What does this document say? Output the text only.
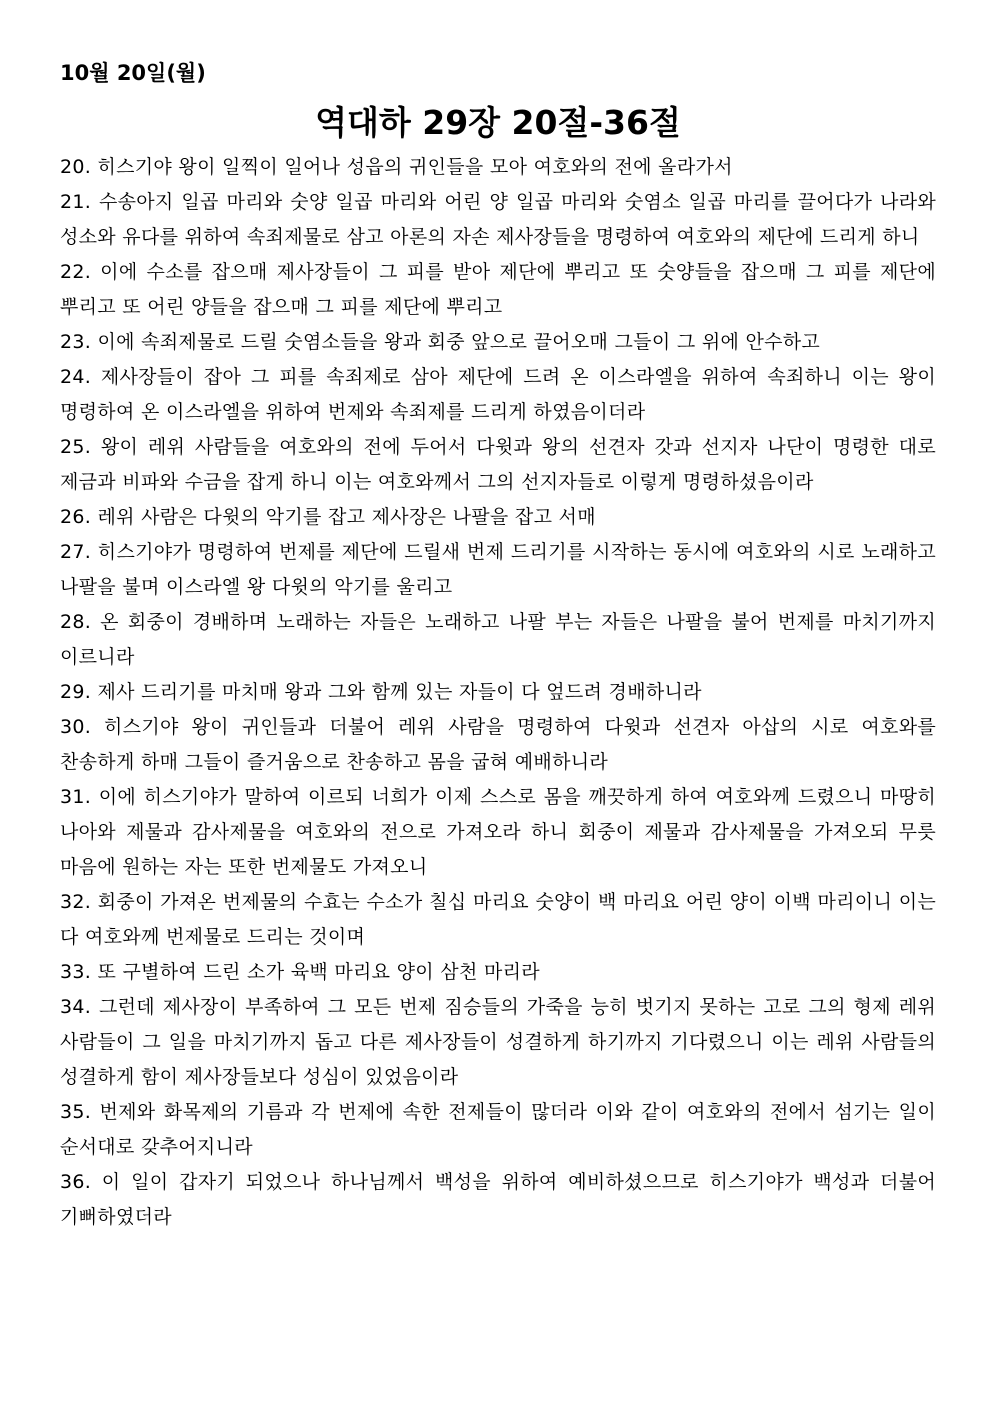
10월 20일(월)
역대하 29장 20절-36절

20. 히스기야 왕이 일찍이 일어나 성읍의 귀인들을 모아 여호와의 전에 올라가서

21. 수송아지 일곱 마리와 숫양 일곱 마리와 어린 양 일곱 마리와 숫염소 일곱 마리를 끌어다가 나라와 성소와 유다를 위하여 속죄제물로 삼고 아론의 자손 제사장들을 명령하여 여호와의 제단에 드리게 하니

22. 이에 수소를 잡으매 제사장들이 그 피를 받아 제단에 뿌리고 또 숫양들을 잡으매 그 피를 제단에 뿌리고 또 어린 양들을 잡으매 그 피를 제단에 뿌리고

23. 이에 속죄제물로 드릴 숫염소들을 왕과 회중 앞으로 끌어오매 그들이 그 위에 안수하고

24. 제사장들이 잡아 그 피를 속죄제로 삼아 제단에 드려 온 이스라엘을 위하여 속죄하니 이는 왕이 명령하여 온 이스라엘을 위하여 번제와 속죄제를 드리게 하였음이더라

25. 왕이 레위 사람들을 여호와의 전에 두어서 다윗과 왕의 선견자 갓과 선지자 나단이 명령한 대로 제금과 비파와 수금을 잡게 하니 이는 여호와께서 그의 선지자들로 이렇게 명령하셨음이라

26. 레위 사람은 다윗의 악기를 잡고 제사장은 나팔을 잡고 서매

27. 히스기야가 명령하여 번제를 제단에 드릴새 번제 드리기를 시작하는 동시에 여호와의 시로 노래하고 나팔을 불며 이스라엘 왕 다윗의 악기를 울리고

28. 온 회중이 경배하며 노래하는 자들은 노래하고 나팔 부는 자들은 나팔을 불어 번제를 마치기까지 이르니라

29. 제사 드리기를 마치매 왕과 그와 함께 있는 자들이 다 엎드려 경배하니라

30. 히스기야 왕이 귀인들과 더불어 레위 사람을 명령하여 다윗과 선견자 아삽의 시로 여호와를 찬송하게 하매 그들이 즐거움으로 찬송하고 몸을 굽혀 예배하니라

31. 이에 히스기야가 말하여 이르되 너희가 이제 스스로 몸을 깨끗하게 하여 여호와께 드렸으니 마땅히 나아와 제물과 감사제물을 여호와의 전으로 가져오라 하니 회중이 제물과 감사제물을 가져오되 무릇 마음에 원하는 자는 또한 번제물도 가져오니

32. 회중이 가져온 번제물의 수효는 수소가 칠십 마리요 숫양이 백 마리요 어린 양이 이백 마리이니 이는 다 여호와께 번제물로 드리는 것이며

33. 또 구별하여 드린 소가 육백 마리요 양이 삼천 마리라

34. 그런데 제사장이 부족하여 그 모든 번제 짐승들의 가죽을 능히 벗기지 못하는 고로 그의 형제 레위 사람들이 그 일을 마치기까지 돕고 다른 제사장들이 성결하게 하기까지 기다렸으니 이는 레위 사람들의 성결하게 함이 제사장들보다 성심이 있었음이라

35. 번제와 화목제의 기름과 각 번제에 속한 전제들이 많더라 이와 같이 여호와의 전에서 섬기는 일이 순서대로 갖추어지니라

36. 이 일이 갑자기 되었으나 하나님께서 백성을 위하여 예비하셨으므로 히스기야가 백성과 더불어 기뻐하였더라
